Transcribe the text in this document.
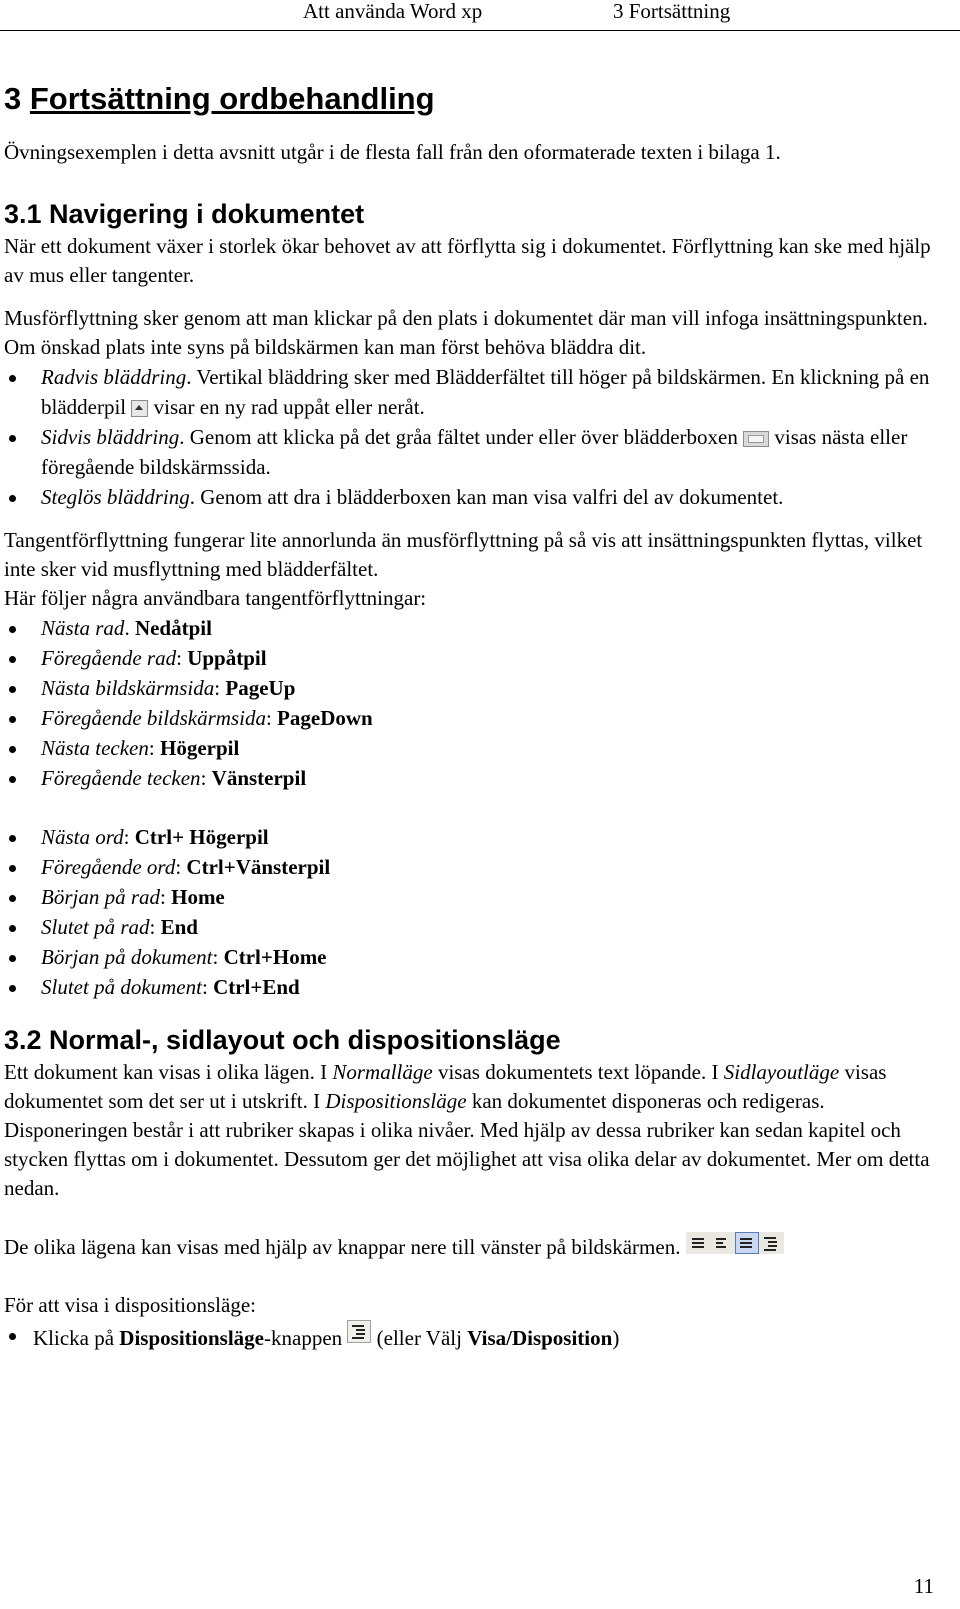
Att använda Word xp	3 Fortsättning
3 Fortsättning ordbehandling

Övningsexemplen i detta avsnitt utgår i de flesta fall från den oformaterade texten i bilaga 1.

3.1 Navigering i dokumentet

När ett dokument växer i storlek ökar behovet av att förflytta sig i dokumentet. Förflyttning kan ske med hjälp av mus eller tangenter.

Musförflyttning sker genom att man klickar på den plats i dokumentet där man vill infoga insättningspunkten. Om önskad plats inte syns på bildskärmen kan man först behöva bläddra dit.

Radvis bläddring. Vertikal bläddring sker med Blädderfältet till höger på bildskärmen. En klickning på en blädderpil  visar en ny rad uppåt eller neråt.
Sidvis bläddring. Genom att klicka på det gråa fältet under eller över blädderboxen  visas nästa eller föregående bildskärmssida.
Steglös bläddring. Genom att dra i blädderboxen kan man visa valfri del av dokumentet.

Tangentförflyttning fungerar lite annorlunda än musförflyttning på så vis att insättningspunkten flyttas, vilket inte sker vid musflyttning med blädderfältet.

Här följer några användbara tangentförflyttningar:

Nästa rad. Nedåtpil
Föregående rad: Uppåtpil
Nästa bildskärmsida: PageUp
Föregående bildskärmsida: PageDown
Nästa tecken: Högerpil
Föregående tecken: Vänsterpil
Nästa ord: Ctrl+ Högerpil
Föregående ord: Ctrl+Vänsterpil
Början på rad: Home
Slutet på rad: End
Början på dokument: Ctrl+Home
Slutet på dokument: Ctrl+End
3.2 Normal-, sidlayout och dispositionsläge

Ett dokument kan visas i olika lägen. I Normalläge visas dokumentets text löpande. I Sidlayoutläge visas dokumentet som det ser ut i utskrift. I Dispositionsläge kan dokumentet disponeras och redigeras. Disponeringen består i att rubriker skapas i olika nivåer. Med hjälp av dessa rubriker kan sedan kapitel och stycken flyttas om i dokumentet. Dessutom ger det möjlighet att visa olika delar av dokumentet. Mer om detta nedan.

De olika lägena kan visas med hjälp av knappar nere till vänster på bildskärmen.

För att visa i dispositionsläge:

Klicka på Dispositionsläge-knappen
(eller Välj Visa/Disposition)
11
